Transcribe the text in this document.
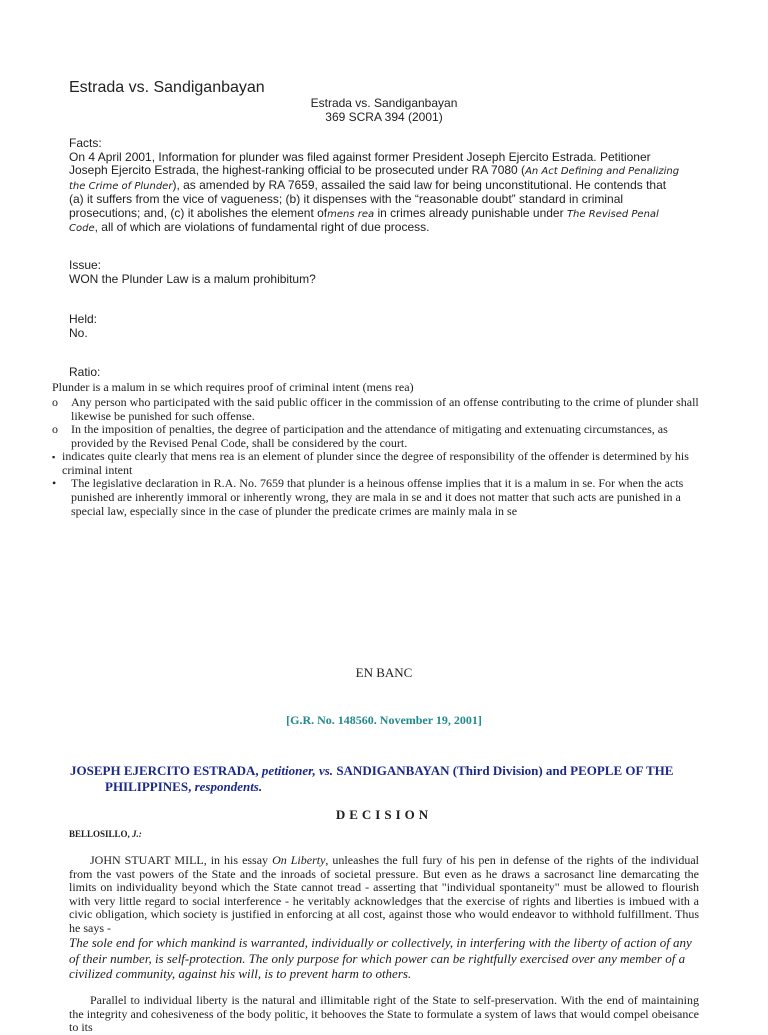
Estrada vs. Sandiganbayan
Estrada vs. Sandiganbayan
369 SCRA 394 (2001)
Facts:
On 4 April 2001, Information for plunder was filed against former President Joseph Ejercito Estrada. Petitioner Joseph Ejercito Estrada, the highest-ranking official to be prosecuted under RA 7080 (An Act Defining and Penalizing the Crime of Plunder), as amended by RA 7659, assailed the said law for being unconstitutional. He contends that (a) it suffers from the vice of vagueness; (b) it dispenses with the “reasonable doubt” standard in criminal prosecutions; and, (c) it abolishes the element ofmens rea in crimes already punishable under The Revised Penal Code, all of which are violations of fundamental right of due process.
Issue:
WON the Plunder Law is a malum prohibitum?
Held:
No.
Ratio:
Plunder is a malum in se which requires proof of criminal intent (mens rea)
o Any person who participated with the said public officer in the commission of an offense contributing to the crime of plunder shall likewise be punished for such offense.
o In the imposition of penalties, the degree of participation and the attendance of mitigating and extenuating circumstances, as provided by the Revised Penal Code, shall be considered by the court.
▪ indicates quite clearly that mens rea is an element of plunder since the degree of responsibility of the offender is determined by his criminal intent
• The legislative declaration in R.A. No. 7659 that plunder is a heinous offense implies that it is a malum in se. For when the acts punished are inherently immoral or inherently wrong, they are mala in se and it does not matter that such acts are punished in a special law, especially since in the case of plunder the predicate crimes are mainly mala in se
EN BANC
[G.R. No. 148560. November 19, 2001]
JOSEPH EJERCITO ESTRADA, petitioner, vs. SANDIGANBAYAN (Third Division) and PEOPLE OF THE
PHILIPPINES, respondents.
DECISION
BELLOSILLO, J.:
JOHN STUART MILL, in his essay On Liberty, unleashes the full fury of his pen in defense of the rights of the individual from the vast powers of the State and the inroads of societal pressure. But even as he draws a sacrosanct line demarcating the limits on individuality beyond which the State cannot tread - asserting that "individual spontaneity" must be allowed to flourish with very little regard to social interference - he veritably acknowledges that the exercise of rights and liberties is imbued with a civic obligation, which society is justified in enforcing at all cost, against those who would endeavor to withhold fulfillment. Thus he says -
The sole end for which mankind is warranted, individually or collectively, in interfering with the liberty of action of any of their number, is self-protection. The only purpose for which power can be rightfully exercised over any member of a civilized community, against his will, is to prevent harm to others.
Parallel to individual liberty is the natural and illimitable right of the State to self-preservation. With the end of maintaining the integrity and cohesiveness of the body politic, it behooves the State to formulate a system of laws that would compel obeisance to its
